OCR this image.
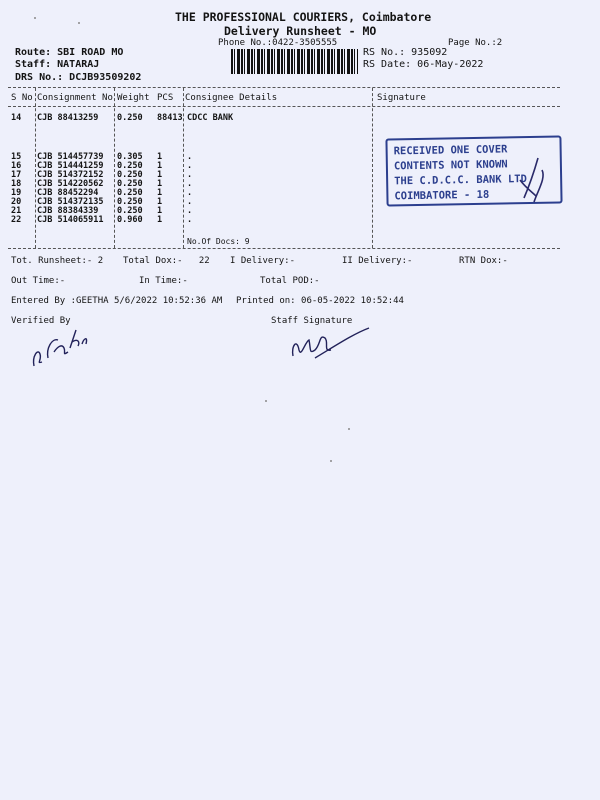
THE PROFESSIONAL COURIERS, Coimbatore
Delivery Runsheet - MO
Phone No.:0422-3505555	Page No.:2
Route: SBI ROAD MO
Staff: NATARAJ
DRS No.: DCJB93509202
RS No.: 935092
RS Date: 06-May-2022
S No Consignment No Weight PCS Consignee Details	Signature
14 CJB 88413259 0.250 88413 CDCC BANK
15 CJB 514457739 0.305 1	.
16 CJB 514441259 0.250 1	.
17 CJB 514372152 0.250 1	.
18 CJB 514220562 0.250 1	.
19 CJB 88452294 0.250 1	.
20 CJB 514372135 0.250 1	.
21 CJB 88384339 0.250 1	.
22 CJB 514065911 0.960 1	.
No.Of Docs: 9
RECEIVED ONE COVER
CONTENTS NOT KNOWN
THE C.D.C.C. BANK LTD
COIMBATORE - 18
Tot. Runsheet:- 2 Total Dox:-   22 I Delivery:-	II Delivery:-	RTN Dox:-
Out Time:-	In Time:-	Total POD:-
Entered By :GEETHA 5/6/2022 10:52:36 AM Printed on: 06-05-2022 10:52:44
Verified By	Staff Signature
